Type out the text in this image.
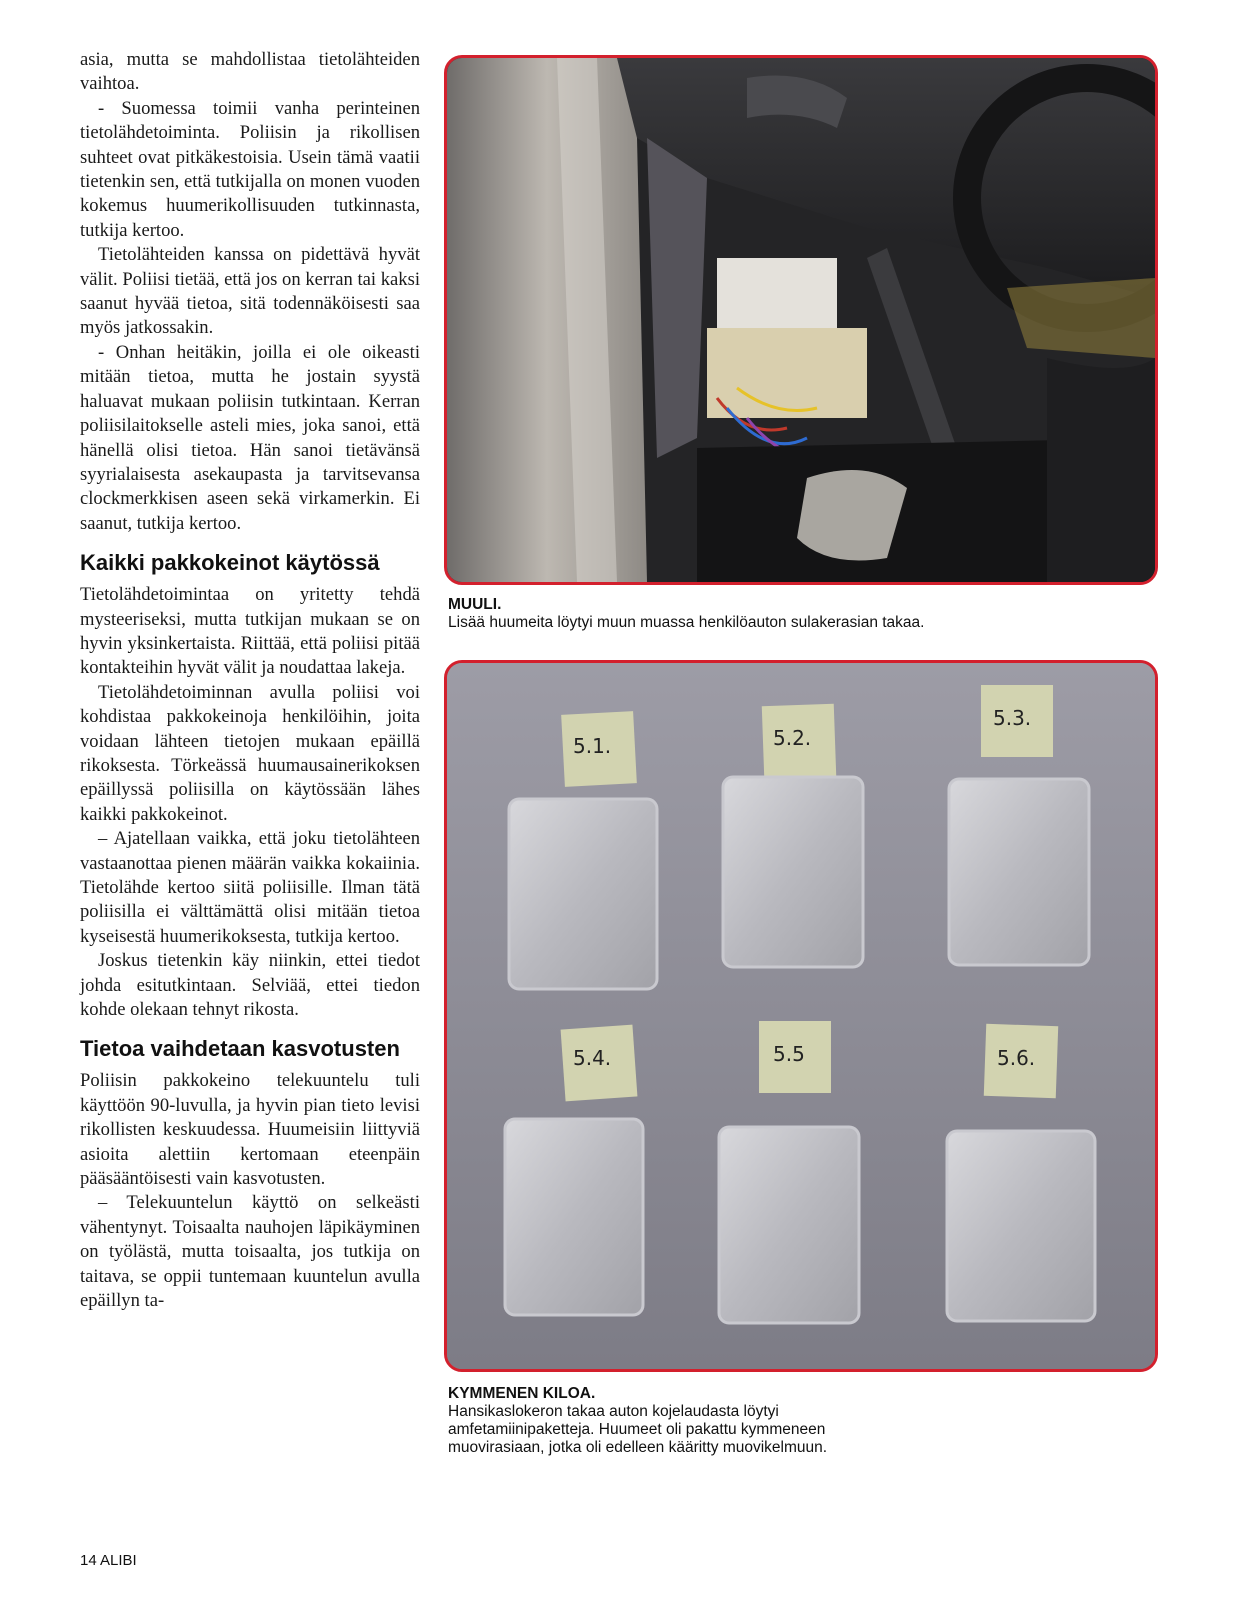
asia, mutta se mahdollistaa tietolähteiden vaihtoa.

- Suomessa toimii vanha perinteinen tietolähdetoiminta. Poliisin ja rikollisen suhteet ovat pitkäkestoisia. Usein tämä vaatii tietenkin sen, että tutkijalla on monen vuoden kokemus huumerikollisuuden tutkinnasta, tutkija kertoo.

Tietolähteiden kanssa on pidettävä hyvät välit. Poliisi tietää, että jos on kerran tai kaksi saanut hyvää tietoa, sitä todennäköisesti saa myös jatkossakin.

- Onhan heitäkin, joilla ei ole oikeasti mitään tietoa, mutta he jostain syystä haluavat mukaan poliisin tutkintaan. Kerran poliisilaitokselle asteli mies, joka sanoi, että hänellä olisi tietoa. Hän sanoi tietävänsä syyrialaisesta asekaupasta ja tarvitsevansa clockmerkkisen aseen sekä virkamerkin. Ei saanut, tutkija kertoo.

Kaikki pakkokeinot käytössä

Tietolähdetoimintaa on yritetty tehdä mysteeriseksi, mutta tutkijan mukaan se on hyvin yksinkertaista. Riittää, että poliisi pitää kontakteihin hyvät välit ja noudattaa lakeja.

Tietolähdetoiminnan avulla poliisi voi kohdistaa pakkokeinoja henkilöihin, joita voidaan lähteen tietojen mukaan epäillä rikoksesta. Törkeässä huumausainerikoksen epäillyssä poliisilla on käytössään lähes kaikki pakkokeinot.

– Ajatellaan vaikka, että joku tietolähteen vastaanottaa pienen määrän vaikka kokaiinia. Tietolähde kertoo siitä poliisille. Ilman tätä poliisilla ei välttämättä olisi mitään tietoa kyseisestä huumerikoksesta, tutkija kertoo.

Joskus tietenkin käy niinkin, ettei tiedot johda esitutkintaan. Selviää, ettei tiedon kohde olekaan tehnyt rikosta.

Tietoa vaihdetaan kasvotusten

Poliisin pakkokeino telekuuntelu tuli käyttöön 90-luvulla, ja hyvin pian tieto levisi rikollisten keskuudessa. Huumeisiin liittyviä asioita alettiin kertomaan eteenpäin pääsääntöisesti vain kasvotusten.

– Telekuuntelun käyttö on selkeästi vähentynyt. Toisaalta nauhojen läpikäyminen on työlästä, mutta toisaalta, jos tutkija on taitava, se oppii tuntemaan kuuntelun avulla epäillyn ta-

MUULI.
Lisää huumeita löytyi muun muassa henkilöauton sulakerasian takaa.
5.1.	5.2.
5.3.
5.4.	5.5	5.6.
KYMMENEN KILOA.
Hansikaslokeron takaa auton kojelaudasta löytyi amfetamiinipaketteja. Huumeet oli pakattu kymmeneen muovirasiaan, jotka oli edelleen kääritty muovikelmuun.
14 ALIBI
